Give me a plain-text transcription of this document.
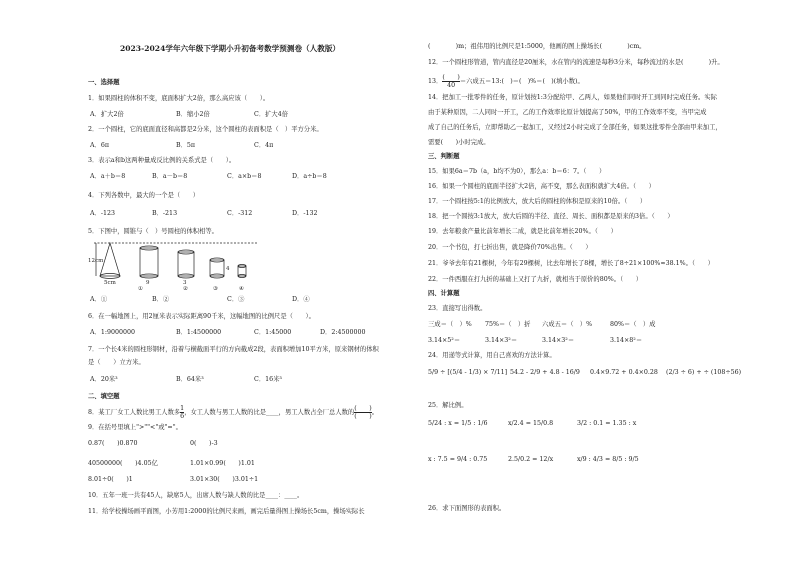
2023-2024学年六年级下学期小升初备考数学预测卷（人教版）
一、选择题
1．如果圆柱的体积不变，底面积扩大2倍，那么高应该（　　）。
A．扩大2倍	B．缩小2倍	C．扩大4倍
2．一个圆柱，它的底面直径和高都是2分米，这个圆柱的表面积是（　）平方分米。
A．6π	B．5π	C．4π
3．表示a和b这两种量成反比例的关系式是（　　）。
A．a＋b＝8	B．a－b＝8	C．a×b＝8	D．a÷b＝8
4．下列各数中，最大的一个是（　　）
A．-123	B．-213	C．-312	D．-132
5．下图中，圆锥与（　）号圆柱的体积相等。
12cm
5cm	9	3
4
①	②	③	④
A．①	B．②	C．③	D．④
6．在一幅地图上，用2厘米表示实际距离90千米，这幅地图的比例尺是（　　）。
A．1:9000000	B．1:4500000	C．1:45000	D．2:4500000
7．一个长4米的圆柱形钢材，沿着与横截面平行的方向截成2段，表面积增加10平方米，原来钢材的体积
是（　　）立方米。
A．20米³	B．64米³	C．16米³
二、填空题
8．某工厂女工人数比男工人数多 $\frac{1}{6}$ ，女工人数与男工人数的比是____，男工人数占全厂总人数的 $\frac{( )}{( )}$ 。
9．在括号里填上">""<"或"="。
0.87(　　)0.870	0(　　)-3
40500000(　　)4.05亿	1.01×0.99(　　)1.01
8.01÷0(　　)1	3.01×30(　　)3.01÷1
10．五年一班一共有45人，缺席5人，出席人数与缺人数的比是____：____。
11．给学校操场画平面图，小芳用1:2000的比例尺来画，画完后量得图上操场长5cm，操场实际长
(　　　　)m；祖伟用的比例尺是1:5000，他画的图上操场长(　　　　)cm。
12．一个圆柱形管道，管内直径是20厘米，水在管内的流速是每秒3分米，每秒流过的水是(　　　　)升。
13． $\frac{( )}{40}$ ＝六成五＝13:(　)＝(　)%＝(　)(填小数)。
14．把加工一批零件的任务，原计划按1:3分配给甲、乙两人，如果他们同时开工到同时完成任务。实际
由于某种原因，二人同时一开工，乙的工作效率比原计划提高了50%，甲的工作效率不变，当甲完成
成了自己的任务后，立即帮助乙一起加工，又经过2小时完成了全部任务，如果这批零件全部由甲来加工，
需要(　　)小时完成。
三、判断题
15．如果6a＝7b（a，b均不为0），那么a：b＝6：7。（　　）
16．如果一个圆柱的底面半径扩大2倍，高不变，那么表面积就扩大4倍。（　　）
17．一个圆柱按5:1的比例放大，放大后的圆柱的体积是原来的10倍。（　　）
18．把一个圆按3:1放大，放大后圆的半径、直径、周长、面积都是原来的3倍。（　　）
19．去年粮食产量比前年增长二成，就是比前年增长20%。（　　）
20．一个书包，打七折出售，就是降价70%出售。（　　）
21．爷爷去年有21棵树，今年有29棵树，比去年增长了8棵，增长了8÷21×100%≈38.1%。（　　）
22．一件西服在打九折的基础上又打了九折，就相当于原价的80%。（　　）
四、计算题
23．直接写出得数。
三成＝（　）% 75%＝（　）折 六成五＝（　）%	80%＝（　）成
3.14×5²＝	3.14×3²＝	3.14×3²＝	3.14×8²＝
24．用递等式计算，用自己喜欢的方法计算。
5/9 ÷ [(5/4 - 1/3) × 7/11] 54.2 - 2/9 + 4.8 - 16/9 0.4×9.72 + 0.4×0.28 (2/3 ÷ 6) + ÷ (108÷56)
25．解比例。
5/24 : x = 1/5 : 1/6	x/2.4 = 15/0.8	3/2 : 0.1 = 1.35 : x
x : 7.5 = 9/4 : 0.75	2.5/0.2 = 12/x	x/9 : 4/3 = 8/5 : 9/5
26．求下面图形的表面积。
